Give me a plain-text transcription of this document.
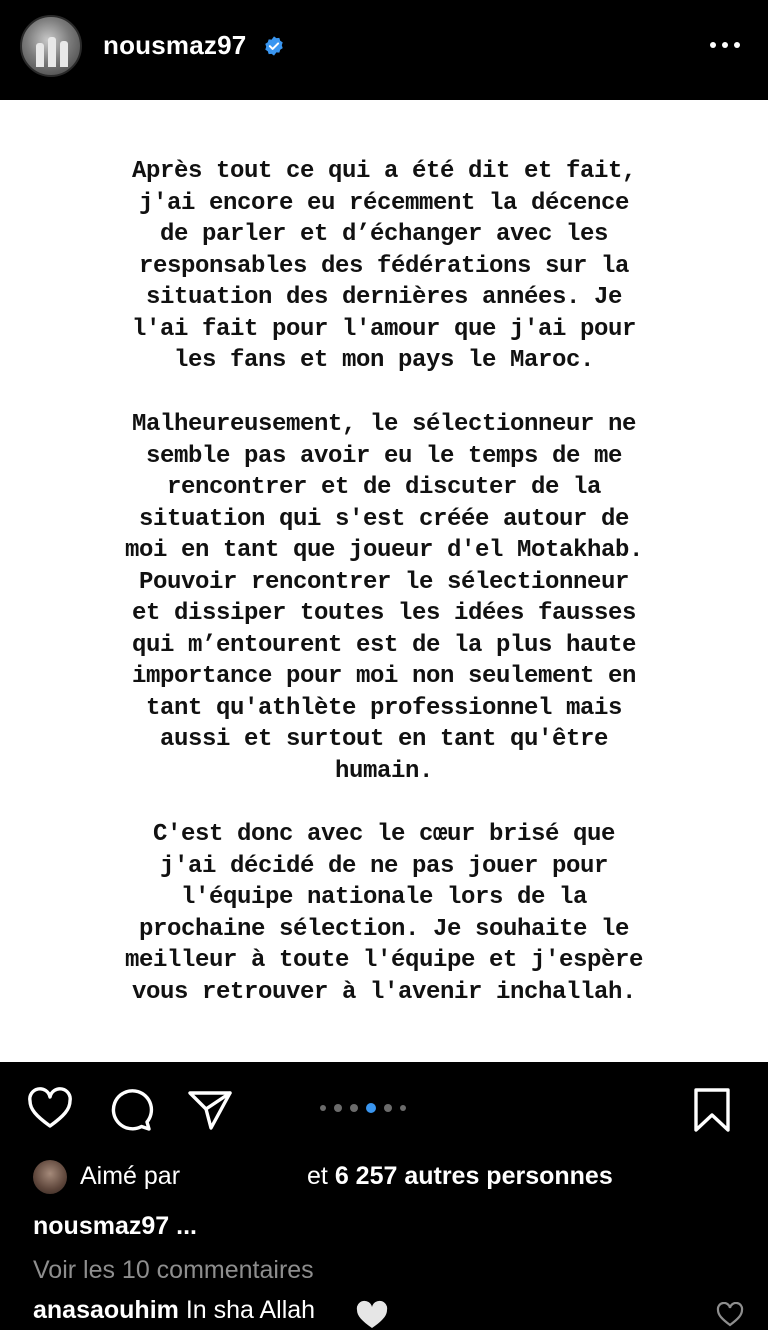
nousmaz97

Après tout ce qui a été dit et fait,
j'ai encore eu récemment la décence
de parler et d’échanger avec les
responsables des fédérations sur la
situation des dernières années. Je
l'ai fait pour l'amour que j'ai pour
les fans et mon pays le Maroc.

Malheureusement, le sélectionneur ne
semble pas avoir eu le temps de me
rencontrer et de discuter de la
situation qui s'est créée autour de
moi en tant que joueur d'el Motakhab.
Pouvoir rencontrer le sélectionneur
et dissiper toutes les idées fausses
qui m’entourent est de la plus haute
importance pour moi non seulement en
tant qu'athlète professionnel mais
aussi et surtout en tant qu'être
humain.

C'est donc avec le cœur brisé que
j'ai décidé de ne pas jouer pour
l'équipe nationale lors de la
prochaine sélection. Je souhaite le
meilleur à toute l'équipe et j'espère
vous retrouver à l'avenir inchallah.

Aimé par	et 6 257 autres personnes
nousmaz97 ...
Voir les 10 commentaires
anasaouhim In sha Allah
